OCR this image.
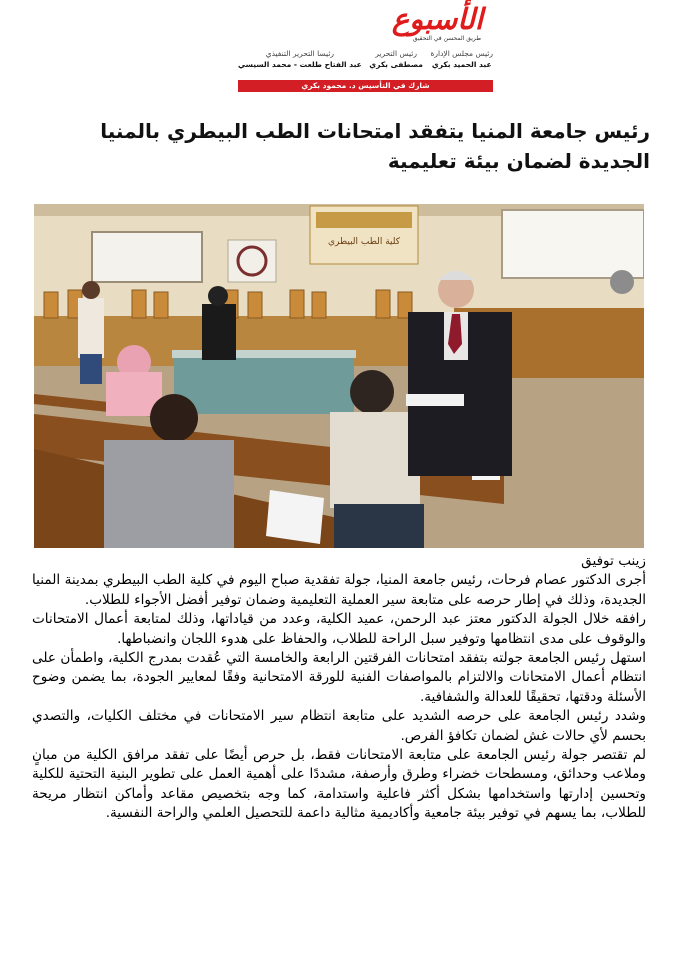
الأسبوع
طريق المحسن في التحقيق
رئيس مجلس الإدارة
عبد الحميد بكري
رئيس التحرير
مصطفى بكري
رئيسا التحرير التنفيذي
عبد الفتاح طلعت - محمد السيسي
شارك في التأسيس د. محمود بكري
رئيس جامعة المنيا يتفقد امتحانات الطب البيطري بالمنيا الجديدة لضمان بيئة تعليمية
كلية الطب البيطري

زينب توفيق

أجرى الدكتور عصام فرحات، رئيس جامعة المنيا، جولة تفقدية صباح اليوم في كلية الطب البيطري بمدينة المنيا الجديدة، وذلك في إطار حرصه على متابعة سير العملية التعليمية وضمان توفير أفضل الأجواء للطلاب.

رافقه خلال الجولة الدكتور معتز عبد الرحمن، عميد الكلية، وعدد من قياداتها، وذلك لمتابعة أعمال الامتحانات والوقوف على مدى انتظامها وتوفير سبل الراحة للطلاب، والحفاظ على هدوء اللجان وانضباطها.

استهل رئيس الجامعة جولته بتفقد امتحانات الفرقتين الرابعة والخامسة التي عُقدت بمدرج الكلية، واطمأن على انتظام أعمال الامتحانات والالتزام بالمواصفات الفنية للورقة الامتحانية وفقًا لمعايير الجودة، بما يضمن وضوح الأسئلة ودقتها، تحقيقًا للعدالة والشفافية.

وشدد رئيس الجامعة على حرصه الشديد على متابعة انتظام سير الامتحانات في مختلف الكليات، والتصدي بحسم لأي حالات غش لضمان تكافؤ الفرص.

لم تقتصر جولة رئيس الجامعة على متابعة الامتحانات فقط، بل حرص أيضًا على تفقد مرافق الكلية من مبانٍ وملاعب وحدائق، ومسطحات خضراء وطرق وأرصفة، مشددًا على أهمية العمل على تطوير البنية التحتية للكلية وتحسين إدارتها واستخدامها بشكل أكثر فاعلية واستدامة، كما وجه بتخصيص مقاعد وأماكن انتظار مريحة للطلاب، بما يسهم في توفير بيئة جامعية وأكاديمية مثالية داعمة للتحصيل العلمي والراحة النفسية.
